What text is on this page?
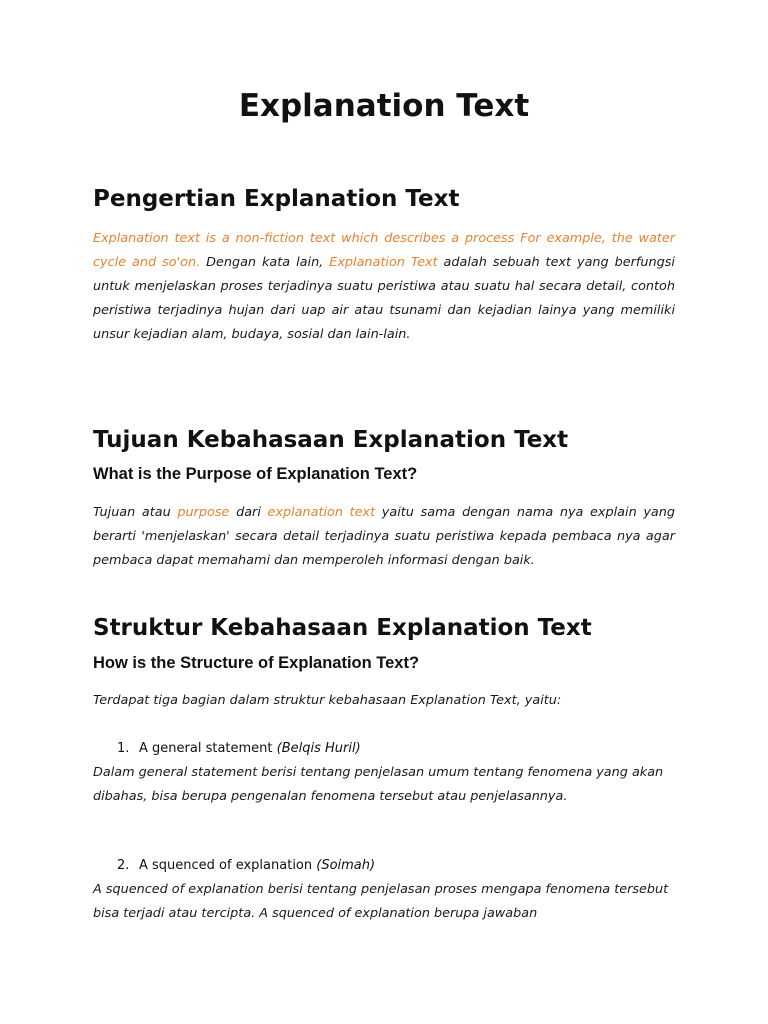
Explanation Text
Pengertian Explanation Text

Explanation text is a non-fiction text which describes a process For example, the water cycle and so'on. Dengan kata lain, Explanation Text adalah sebuah text yang berfungsi untuk menjelaskan proses terjadinya suatu peristiwa atau suatu hal secara detail, contoh peristiwa terjadinya hujan dari uap air atau tsunami dan kejadian lainya yang memiliki unsur kejadian alam, budaya, sosial dan lain-lain.

Tujuan Kebahasaan Explanation Text
What is the Purpose of Explanation Text?

Tujuan atau purpose dari explanation text yaitu sama dengan nama nya explain yang berarti 'menjelaskan' secara detail terjadinya suatu peristiwa kepada pembaca nya agar pembaca dapat memahami dan memperoleh informasi dengan baik.

Struktur Kebahasaan Explanation Text
How is the Structure of Explanation Text?

Terdapat tiga bagian dalam struktur kebahasaan Explanation Text, yaitu:

1. A general statement (Belqis Huril)

Dalam general statement berisi tentang penjelasan umum tentang fenomena yang akan dibahas, bisa berupa pengenalan fenomena tersebut atau penjelasannya.

2. A squenced of explanation (Soimah)

A squenced of explanation berisi tentang penjelasan proses mengapa fenomena tersebut bisa terjadi atau tercipta. A squenced of explanation berupa jawaban
